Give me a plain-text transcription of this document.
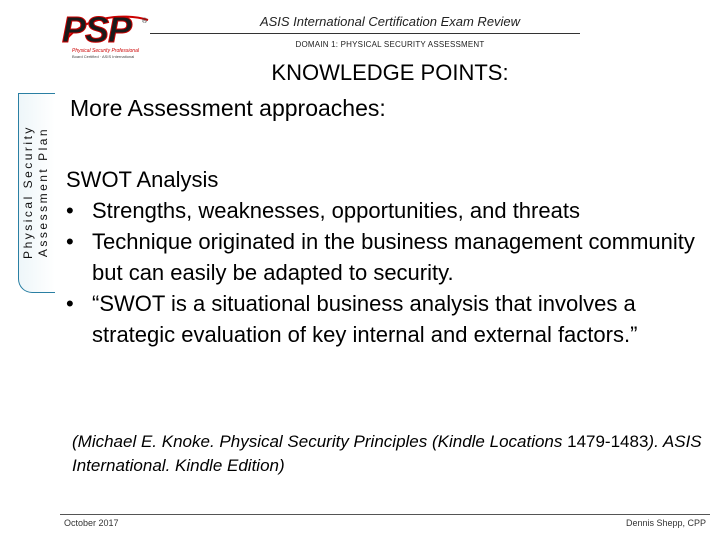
PSP ®
Physical Security Professional
Board Certified · ASIS International
ASIS International Certification Exam Review
DOMAIN 1: PHYSICAL SECURITY ASSESSMENT
Physical Security Assessment Plan
KNOWLEDGE POINTS:
More Assessment approaches:

SWOT Analysis

• Strengths, weaknesses, opportunities, and threats
• Technique originated in the business management community but can easily be adapted to security.
• “SWOT is a situational business analysis that involves a strategic evaluation of key internal and external factors.”
(Michael E. Knoke. Physical Security Principles (Kindle Locations 1479-1483). ASIS International. Kindle Edition)
October 2017	Dennis Shepp, CPP
